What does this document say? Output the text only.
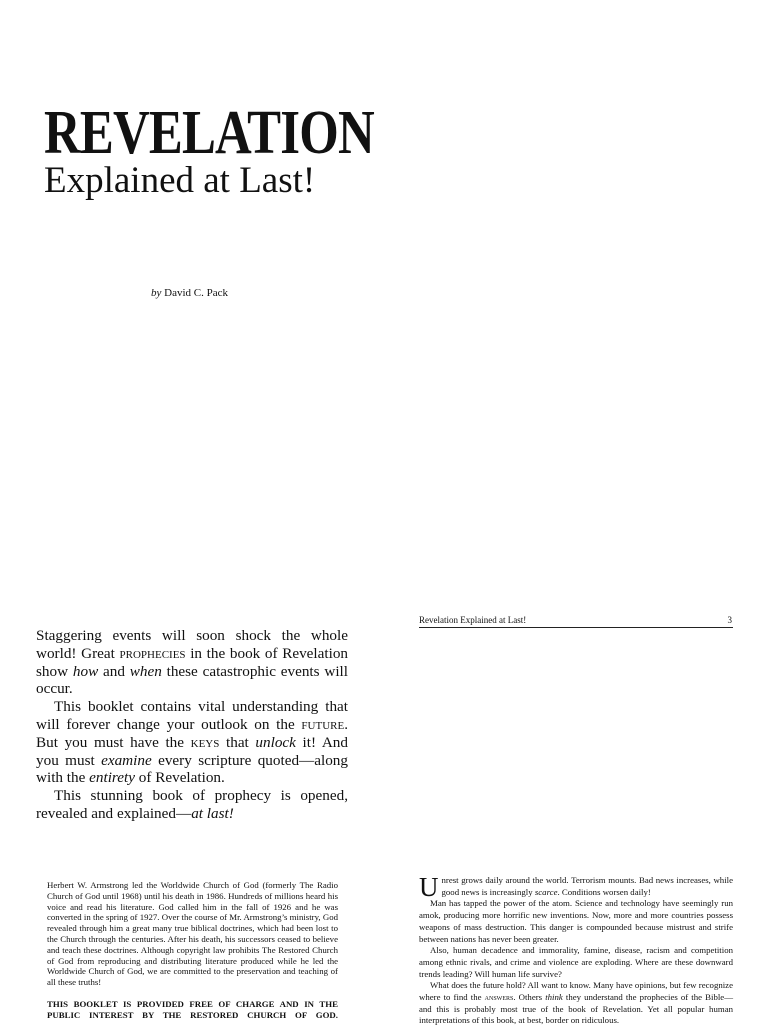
REVELATION
Explained at Last!
by David C. Pack

Staggering events will soon shock the whole world! Great prophecies in the book of Revelation show how and when these catastrophic events will occur.

This booklet contains vital understanding that will forever change your outlook on the future. But you must have the keys that unlock it! And you must examine every scripture quoted—along with the entirety of Revelation.

This stunning book of prophecy is opened, revealed and explained—at last!

Herbert W. Armstrong led the Worldwide Church of God (formerly The Radio Church of God until 1968) until his death in 1986. Hundreds of millions heard his voice and read his literature. God called him in the fall of 1926 and he was converted in the spring of 1927. Over the course of Mr. Armstrong’s ministry, God revealed through him a great many true biblical doctrines, which had been lost to the Church through the centuries. After his death, his successors ceased to believe and teach these doctrines. Although copyright law prohibits The Restored Church of God from reproducing and distributing literature produced while he led the Worldwide Church of God, we are committed to the preservation and teaching of all these truths!

THIS BOOKLET IS PROVIDED FREE OF CHARGE AND IN THE PUBLIC INTEREST BY THE RESTORED CHURCH OF GOD.

Revelation Explained at Last!	3

Unrest grows daily around the world. Terrorism mounts. Bad news increases, while good news is increasingly scarce. Conditions worsen daily!

Man has tapped the power of the atom. Science and technology have seemingly run amok, producing more horrific new inventions. Now, more and more countries possess weapons of mass destruction. This danger is compounded because mistrust and strife between nations has never been greater.

Also, human decadence and immorality, famine, disease, racism and competition among ethnic rivals, and crime and violence are exploding. Where are these downward trends leading? Will human life survive?

What does the future hold? All want to know. Many have opinions, but few recognize where to find the answers. Others think they understand the prophecies of the Bible—and this is probably most true of the book of Revelation. Yet all popular human interpretations of this book, at best, border on ridiculous.
